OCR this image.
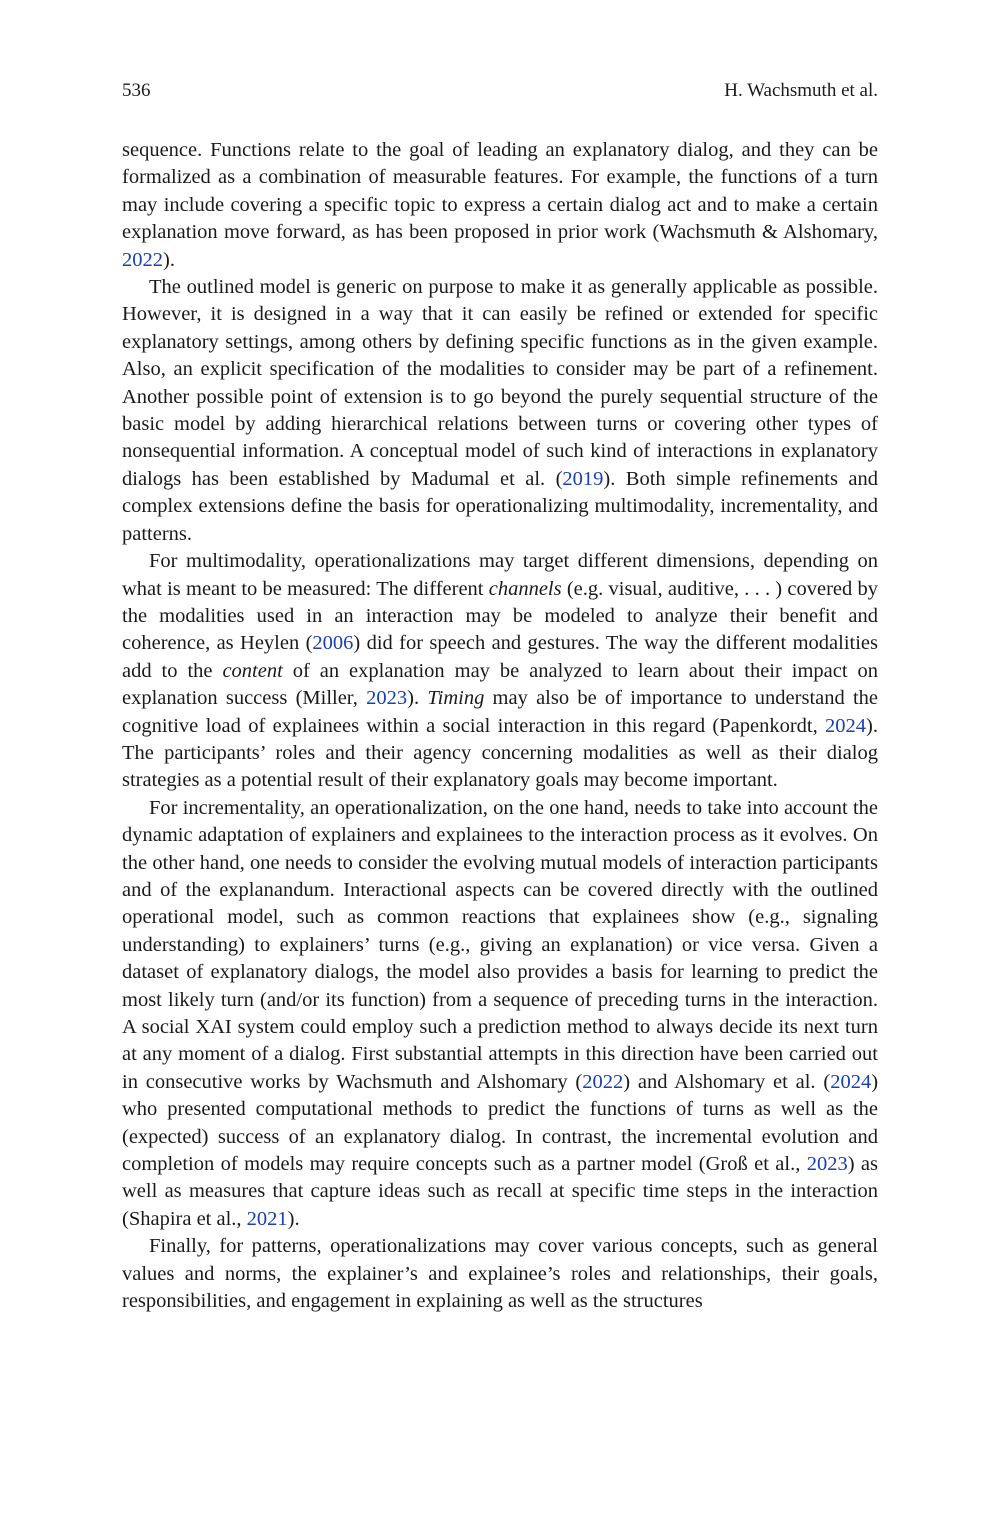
536	H. Wachsmuth et al.

sequence. Functions relate to the goal of leading an explanatory dialog, and they can be formalized as a combination of measurable features. For example, the functions of a turn may include covering a specific topic to express a certain dialog act and to make a certain explanation move forward, as has been proposed in prior work (Wachsmuth & Alshomary, 2022).

The outlined model is generic on purpose to make it as generally applicable as possible. However, it is designed in a way that it can easily be refined or extended for specific explanatory settings, among others by defining specific functions as in the given example. Also, an explicit specification of the modalities to consider may be part of a refinement. Another possible point of extension is to go beyond the purely sequential structure of the basic model by adding hierarchical relations between turns or covering other types of nonsequential information. A conceptual model of such kind of interactions in explanatory dialogs has been established by Madumal et al. (2019). Both simple refinements and complex extensions define the basis for operationalizing multimodality, incrementality, and patterns.

For multimodality, operationalizations may target different dimensions, depending on what is meant to be measured: The different channels (e.g. visual, auditive, . . . ) covered by the modalities used in an interaction may be modeled to analyze their benefit and coherence, as Heylen (2006) did for speech and gestures. The way the different modalities add to the content of an explanation may be analyzed to learn about their impact on explanation success (Miller, 2023). Timing may also be of importance to understand the cognitive load of explainees within a social interaction in this regard (Papenkordt, 2024). The participants’ roles and their agency concerning modalities as well as their dialog strategies as a potential result of their explanatory goals may become important.

For incrementality, an operationalization, on the one hand, needs to take into account the dynamic adaptation of explainers and explainees to the interaction process as it evolves. On the other hand, one needs to consider the evolving mutual models of interaction participants and of the explanandum. Interactional aspects can be covered directly with the outlined operational model, such as common reactions that explainees show (e.g., signaling understanding) to explainers’ turns (e.g., giving an explanation) or vice versa. Given a dataset of explanatory dialogs, the model also provides a basis for learning to predict the most likely turn (and/or its function) from a sequence of preceding turns in the interaction. A social XAI system could employ such a prediction method to always decide its next turn at any moment of a dialog. First substantial attempts in this direction have been carried out in consecutive works by Wachsmuth and Alshomary (2022) and Alshomary et al. (2024) who presented computational methods to predict the functions of turns as well as the (expected) success of an explanatory dialog. In contrast, the incremental evolution and completion of models may require concepts such as a partner model (Groß et al., 2023) as well as measures that capture ideas such as recall at specific time steps in the interaction (Shapira et al., 2021).

Finally, for patterns, operationalizations may cover various concepts, such as general values and norms, the explainer’s and explainee’s roles and relationships, their goals, responsibilities, and engagement in explaining as well as the structures
